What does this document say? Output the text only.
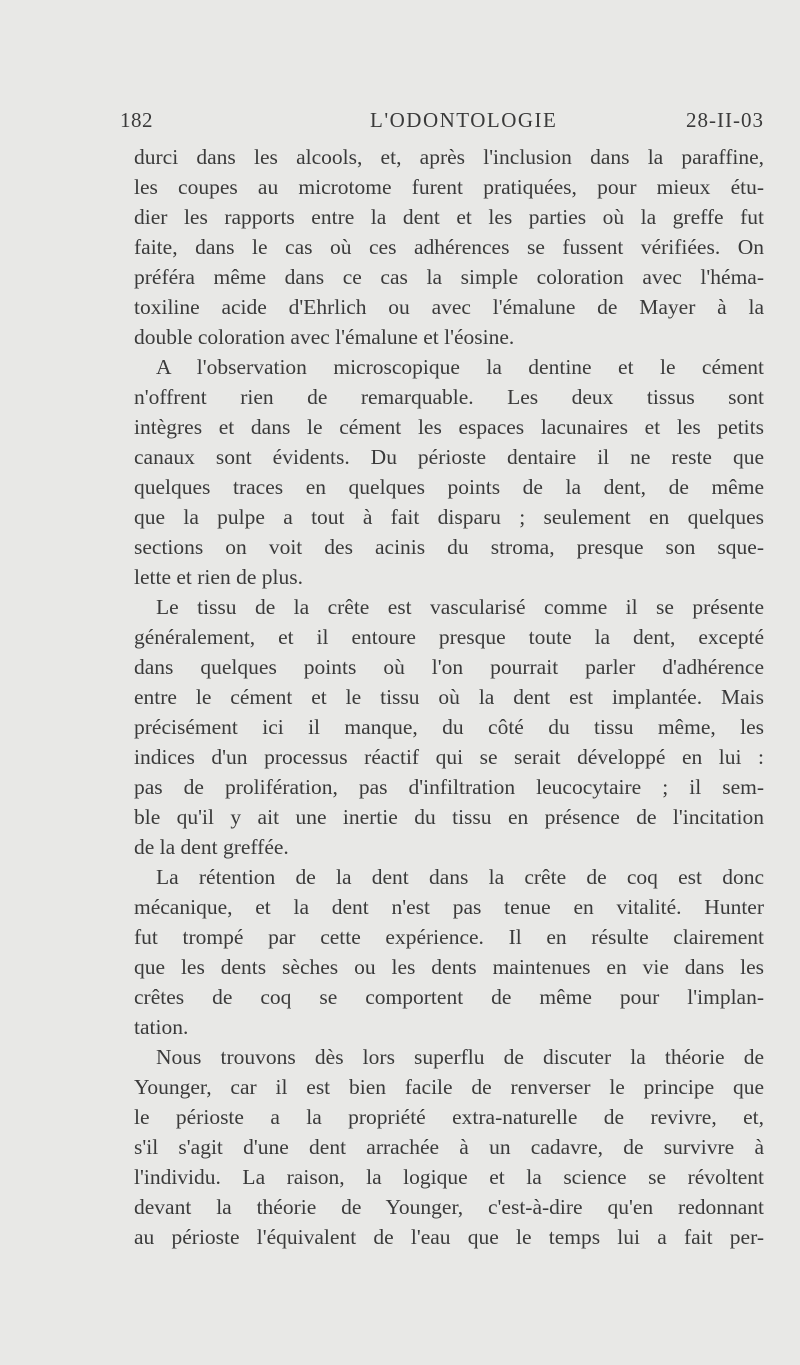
182	L'ODONTOLOGIE	28-II-03
durci dans les alcools, et, après l'inclusion dans la paraffine,
les coupes au microtome furent pratiquées, pour mieux étu-
dier les rapports entre la dent et les parties où la greffe fut
faite, dans le cas où ces adhérences se fussent vérifiées. On
préféra même dans ce cas la simple coloration avec l'héma-
toxiline acide d'Ehrlich ou avec l'émalune de Mayer à la
double coloration avec l'émalune et l'éosine.
A l'observation microscopique la dentine et le cément
n'offrent rien de remarquable. Les deux tissus sont
intègres et dans le cément les espaces lacunaires et les petits
canaux sont évidents. Du périoste dentaire il ne reste que
quelques traces en quelques points de la dent, de même
que la pulpe a tout à fait disparu ; seulement en quelques
sections on voit des acinis du stroma, presque son sque-
lette et rien de plus.
Le tissu de la crête est vascularisé comme il se présente
généralement, et il entoure presque toute la dent, excepté
dans quelques points où l'on pourrait parler d'adhérence
entre le cément et le tissu où la dent est implantée. Mais
précisément ici il manque, du côté du tissu même, les
indices d'un processus réactif qui se serait développé en lui :
pas de prolifération, pas d'infiltration leucocytaire ; il sem-
ble qu'il y ait une inertie du tissu en présence de l'incitation
de la dent greffée.
La rétention de la dent dans la crête de coq est donc
mécanique, et la dent n'est pas tenue en vitalité. Hunter
fut trompé par cette expérience. Il en résulte clairement
que les dents sèches ou les dents maintenues en vie dans les
crêtes de coq se comportent de même pour l'implan-
tation.
Nous trouvons dès lors superflu de discuter la théorie de
Younger, car il est bien facile de renverser le principe que
le périoste a la propriété extra-naturelle de revivre, et,
s'il s'agit d'une dent arrachée à un cadavre, de survivre à
l'individu. La raison, la logique et la science se révoltent
devant la théorie de Younger, c'est-à-dire qu'en redonnant
au périoste l'équivalent de l'eau que le temps lui a fait per-
